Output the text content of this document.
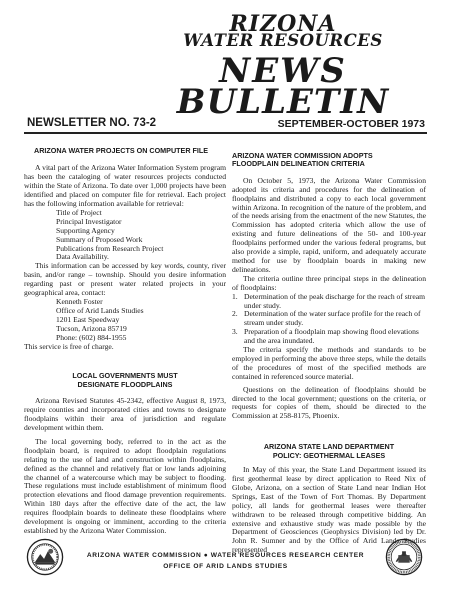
RIZONA
WATER RESOURCES
NEWS
BULLETIN
NEWSLETTER NO. 73-2	SEPTEMBER-OCTOBER 1973
ARIZONA WATER PROJECTS ON COMPUTER FILE

A vital part of the Arizona Water Information System program has been the cataloging of water resources projects conducted within the State of Arizona. To date over 1,000 projects have been identified and placed on computer file for retrieval. Each project has the following information available for retrieval:

Title of Project
Principal Investigator
Supporting Agency
Summary of Proposed Work
Publications from Research Project
Data Availability.

This information can be accessed by key words, county, river basin, and/or range – township. Should you desire information regarding past or present water related projects in your geographical area, contact:

Kenneth Foster
Office of Arid Lands Studies
1201 East Speedway
Tucson, Arizona 85719
Phone: (602) 884-1955

This service is free of charge.

LOCAL GOVERNMENTS MUST
DESIGNATE FLOODPLAINS

Arizona Revised Statutes 45-2342, effective August 8, 1973, require counties and incorporated cities and towns to designate floodplains within their area of jurisdiction and regulate development within them.

The local governing body, referred to in the act as the floodplain board, is required to adopt floodplain regulations relating to the use of land and construction within floodplains, defined as the channel and relatively flat or low lands adjoining the channel of a watercourse which may be subject to flooding. These regulations must include establishment of minimum flood protection elevations and flood damage prevention requirements. Within 180 days after the effective date of the act, the law requires floodplain boards to delineate these floodplains where development is ongoing or imminent, according to the criteria established by the Arizona Water Commission.

ARIZONA WATER COMMISSION ADOPTS
FLOODPLAIN DELINEATION CRITERIA

On October 5, 1973, the Arizona Water Commission adopted its criteria and procedures for the delineation of floodplains and distributed a copy to each local government within Arizona. In recognition of the nature of the problem, and of the needs arising from the enactment of the new Statutes, the Commission has adopted criteria which allow the use of existing and future delineations of the 50- and 100-year floodplains performed under the various federal programs, but also provide a simple, rapid, uniform, and adequately accurate method for use by floodplain boards in making new delineations.

The criteria outline three principal steps in the delineation of floodplains:

1. Determination of the peak discharge for the reach of stream under study.
2. Determination of the water surface profile for the reach of stream under study.
3. Preparation of a floodplain map showing flood elevations and the area inundated.

The criteria specify the methods and standards to be employed in performing the above three steps, while the details of the procedures of most of the specified methods are contained in referenced source material.

Questions on the delineation of floodplains should be directed to the local government; questions on the criteria, or requests for copies of them, should be directed to the Commission at 258-8175, Phoenix.

ARIZONA STATE LAND DEPARTMENT
POLICY: GEOTHERMAL LEASES

In May of this year, the State Land Department issued its first geothermal lease by direct application to Reed Nix of Globe, Arizona, on a section of State Land near Indian Hot Springs, East of the Town of Fort Thomas. By Department policy, all lands for geothermal leases were thereafter withdrawn to be released through competitive bidding. An extensive and exhaustive study was made possible by the Department of Geosciences (Geophysics Division) led by Dr. John R. Sumner and by the Office of Arid Lands Studies represented

ARIZONA WATER COMMISSION ● WATER RESOURCES RESEARCH CENTER
OFFICE OF ARID LANDS STUDIES
